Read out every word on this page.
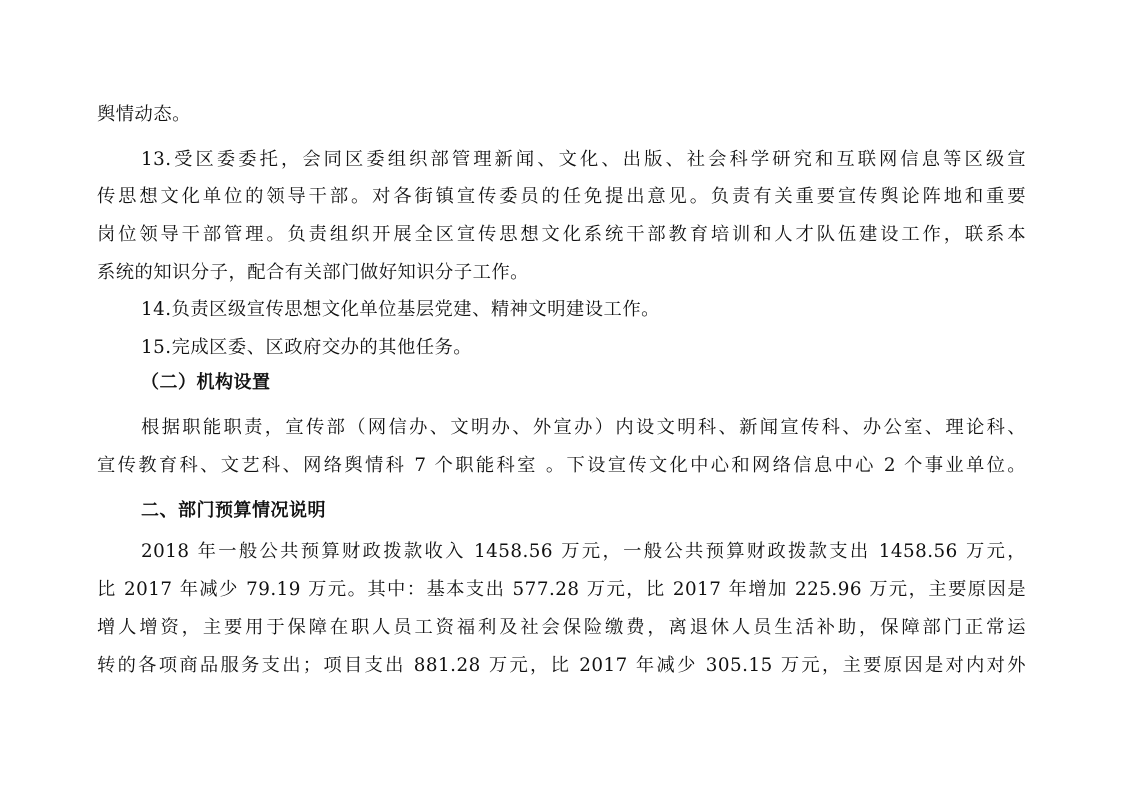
舆情动态。
13.受区委委托，会同区委组织部管理新闻、文化、出版、社会科学研究和互联网信息等区级宣
传思想文化单位的领导干部。对各街镇宣传委员的任免提出意见。负责有关重要宣传舆论阵地和重要
岗位领导干部管理。负责组织开展全区宣传思想文化系统干部教育培训和人才队伍建设工作，联系本
系统的知识分子，配合有关部门做好知识分子工作。
14.负责区级宣传思想文化单位基层党建、精神文明建设工作。
15.完成区委、区政府交办的其他任务。
（二）机构设置
根据职能职责，宣传部（网信办、文明办、外宣办）内设文明科、新闻宣传科、办公室、理论科、
宣传教育科、文艺科、网络舆情科 7 个职能科室 。下设宣传文化中心和网络信息中心 2 个事业单位。
二、部门预算情况说明
2018 年一般公共预算财政拨款收入 1458.56 万元，一般公共预算财政拨款支出 1458.56 万元，
比 2017 年减少 79.19 万元。其中：基本支出 577.28 万元，比 2017 年增加 225.96 万元，主要原因是
增人增资，主要用于保障在职人员工资福利及社会保险缴费，离退休人员生活补助，保障部门正常运
转的各项商品服务支出；项目支出 881.28 万元，比 2017 年减少 305.15 万元，主要原因是对内对外
